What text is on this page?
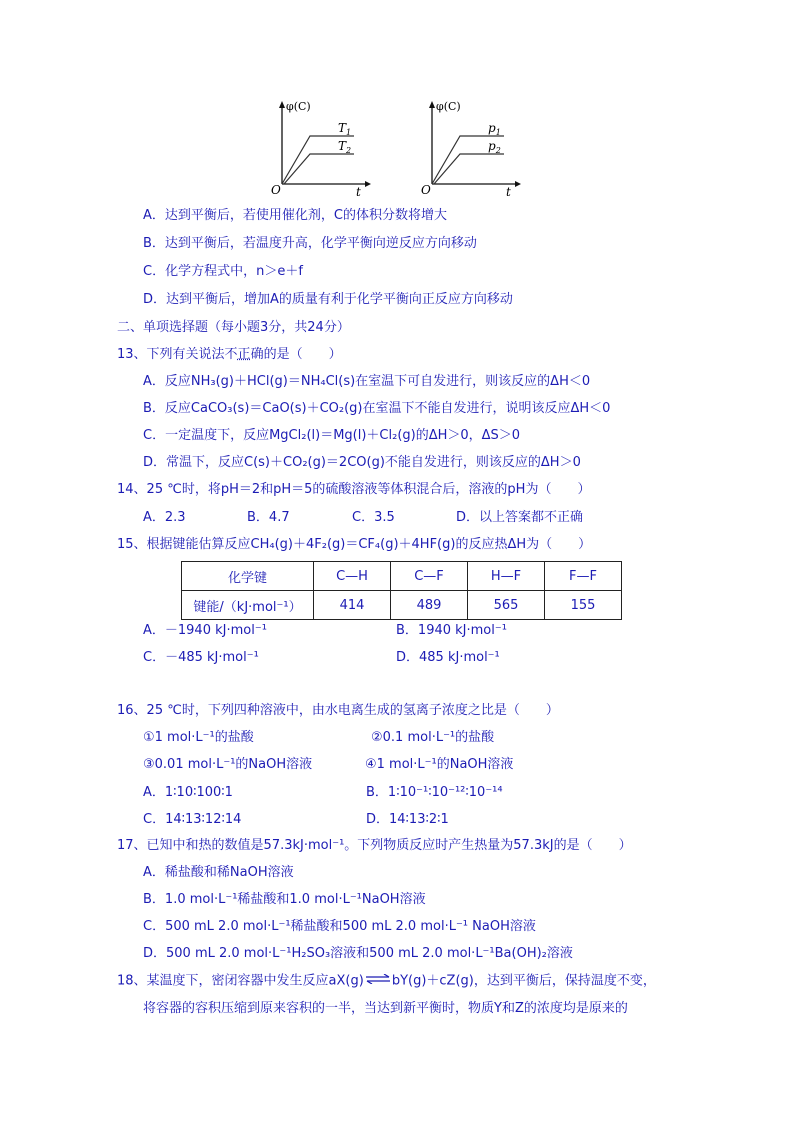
φ(C)
O	t
$T_1$
$T_2$
φ(C)
O	t
$p_1$
$p_2$
A．达到平衡后，若使用催化剂，C的体积分数将增大
B．达到平衡后，若温度升高，化学平衡向逆反应方向移动
C．化学方程式中，n＞e＋f
D．达到平衡后，增加A的质量有利于化学平衡向正反应方向移动
二、单项选择题（每小题3分，共24分）
13、下列有关说法不正确的是（　　）
A．反应NH₃(g)＋HCl(g)＝NH₄Cl(s)在室温下可自发进行，则该反应的ΔH＜0
B．反应CaCO₃(s)＝CaO(s)＋CO₂(g)在室温下不能自发进行，说明该反应ΔH＜0
C．一定温度下，反应MgCl₂(l)＝Mg(l)＋Cl₂(g)的ΔH＞0，ΔS＞0
D．常温下，反应C(s)＋CO₂(g)＝2CO(g)不能自发进行，则该反应的ΔH＞0
14、25 ℃时，将pH＝2和pH＝5的硫酸溶液等体积混合后，溶液的pH为（　　）
A．2.3	B．4.7	C．3.5	D．以上答案都不正确
15、根据键能估算反应CH₄(g)＋4F₂(g)＝CF₄(g)＋4HF(g)的反应热ΔH为（　　）
化学键	C—H	C—F	H—F	F—F
键能/（kJ·mol⁻¹）	414	489	565	155
A．－1940 kJ·mol⁻¹	B．1940 kJ·mol⁻¹
C．－485 kJ·mol⁻¹	D．485 kJ·mol⁻¹
16、25 ℃时，下列四种溶液中，由水电离生成的氢离子浓度之比是（　　）
①1 mol·L⁻¹的盐酸	②0.1 mol·L⁻¹的盐酸
③0.01 mol·L⁻¹的NaOH溶液	④1 mol·L⁻¹的NaOH溶液
A．1∶10∶100∶1	B．1∶10⁻¹∶10⁻¹²∶10⁻¹⁴
C．14∶13∶12∶14	D．14∶13∶2∶1
17、已知中和热的数值是57.3kJ·mol⁻¹。下列物质反应时产生热量为57.3kJ的是（　　）
A．稀盐酸和稀NaOH溶液
B．1.0 mol·L⁻¹稀盐酸和1.0 mol·L⁻¹NaOH溶液
C．500 mL 2.0 mol·L⁻¹稀盐酸和500 mL 2.0 mol·L⁻¹ NaOH溶液
D．500 mL 2.0 mol·L⁻¹H₂SO₃溶液和500 mL 2.0 mol·L⁻¹Ba(OH)₂溶液
18、某温度下，密闭容器中发生反应aX(g)⇌bY(g)＋cZ(g)，达到平衡后，保持温度不变，
将容器的容积压缩到原来容积的一半，当达到新平衡时，物质Y和Z的浓度均是原来的
